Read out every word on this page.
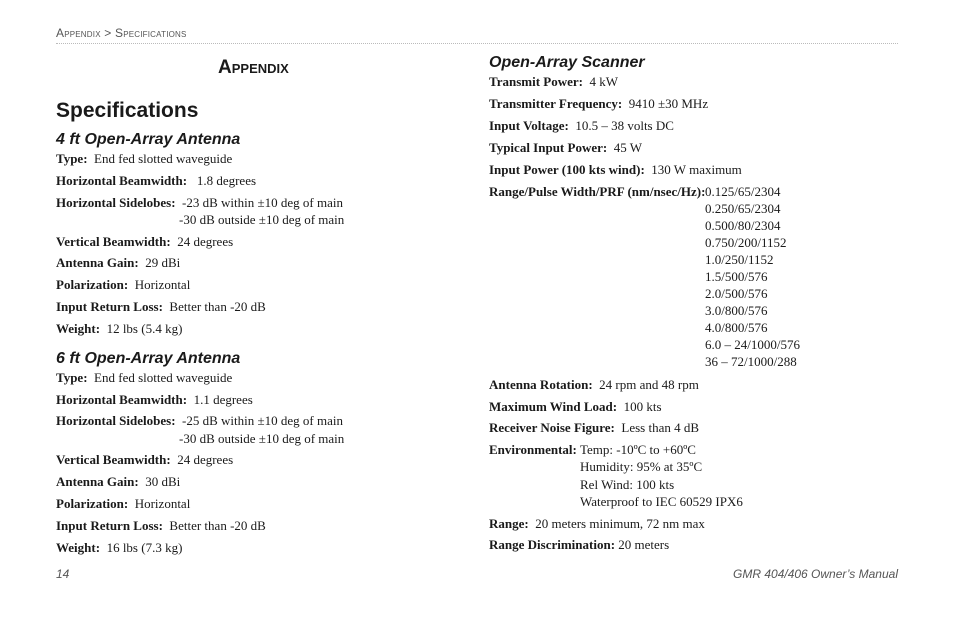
Appendix > Specifications
Appendix
Specifications
4 ft Open-Array Antenna
Type: End fed slotted waveguide
Horizontal Beamwidth: 1.8 degrees
Horizontal Sidelobes: -23 dB within ±10 deg of main
-30 dB outside ±10 deg of main
Vertical Beamwidth: 24 degrees
Antenna Gain: 29 dBi
Polarization: Horizontal
Input Return Loss: Better than -20 dB
Weight: 12 lbs (5.4 kg)
6 ft Open-Array Antenna
Type: End fed slotted waveguide
Horizontal Beamwidth: 1.1 degrees
Horizontal Sidelobes: -25 dB within ±10 deg of main
-30 dB outside ±10 deg of main
Vertical Beamwidth: 24 degrees
Antenna Gain: 30 dBi
Polarization: Horizontal
Input Return Loss: Better than -20 dB
Weight: 16 lbs (7.3 kg)
Open-Array Scanner
Transmit Power: 4 kW
Transmitter Frequency: 9410 ±30 MHz
Input Voltage: 10.5 – 38 volts DC
Typical Input Power: 45 W
Input Power (100 kts wind): 130 W maximum
Range/Pulse Width/PRF (nm/nsec/Hz): 0.125/65/2304
0.250/65/2304
0.500/80/2304
0.750/200/1152
1.0/250/1152
1.5/500/576
2.0/500/576
3.0/800/576
4.0/800/576
6.0 – 24/1000/576
36 – 72/1000/288
Antenna Rotation: 24 rpm and 48 rpm
Maximum Wind Load: 100 kts
Receiver Noise Figure: Less than 4 dB
Environmental: Temp: -10ºC to +60ºC
Humidity: 95% at 35ºC
Rel Wind: 100 kts
Waterproof to IEC 60529 IPX6
Range: 20 meters minimum, 72 nm max
Range Discrimination: 20 meters
14	GMR 404/406 Owner’s Manual
